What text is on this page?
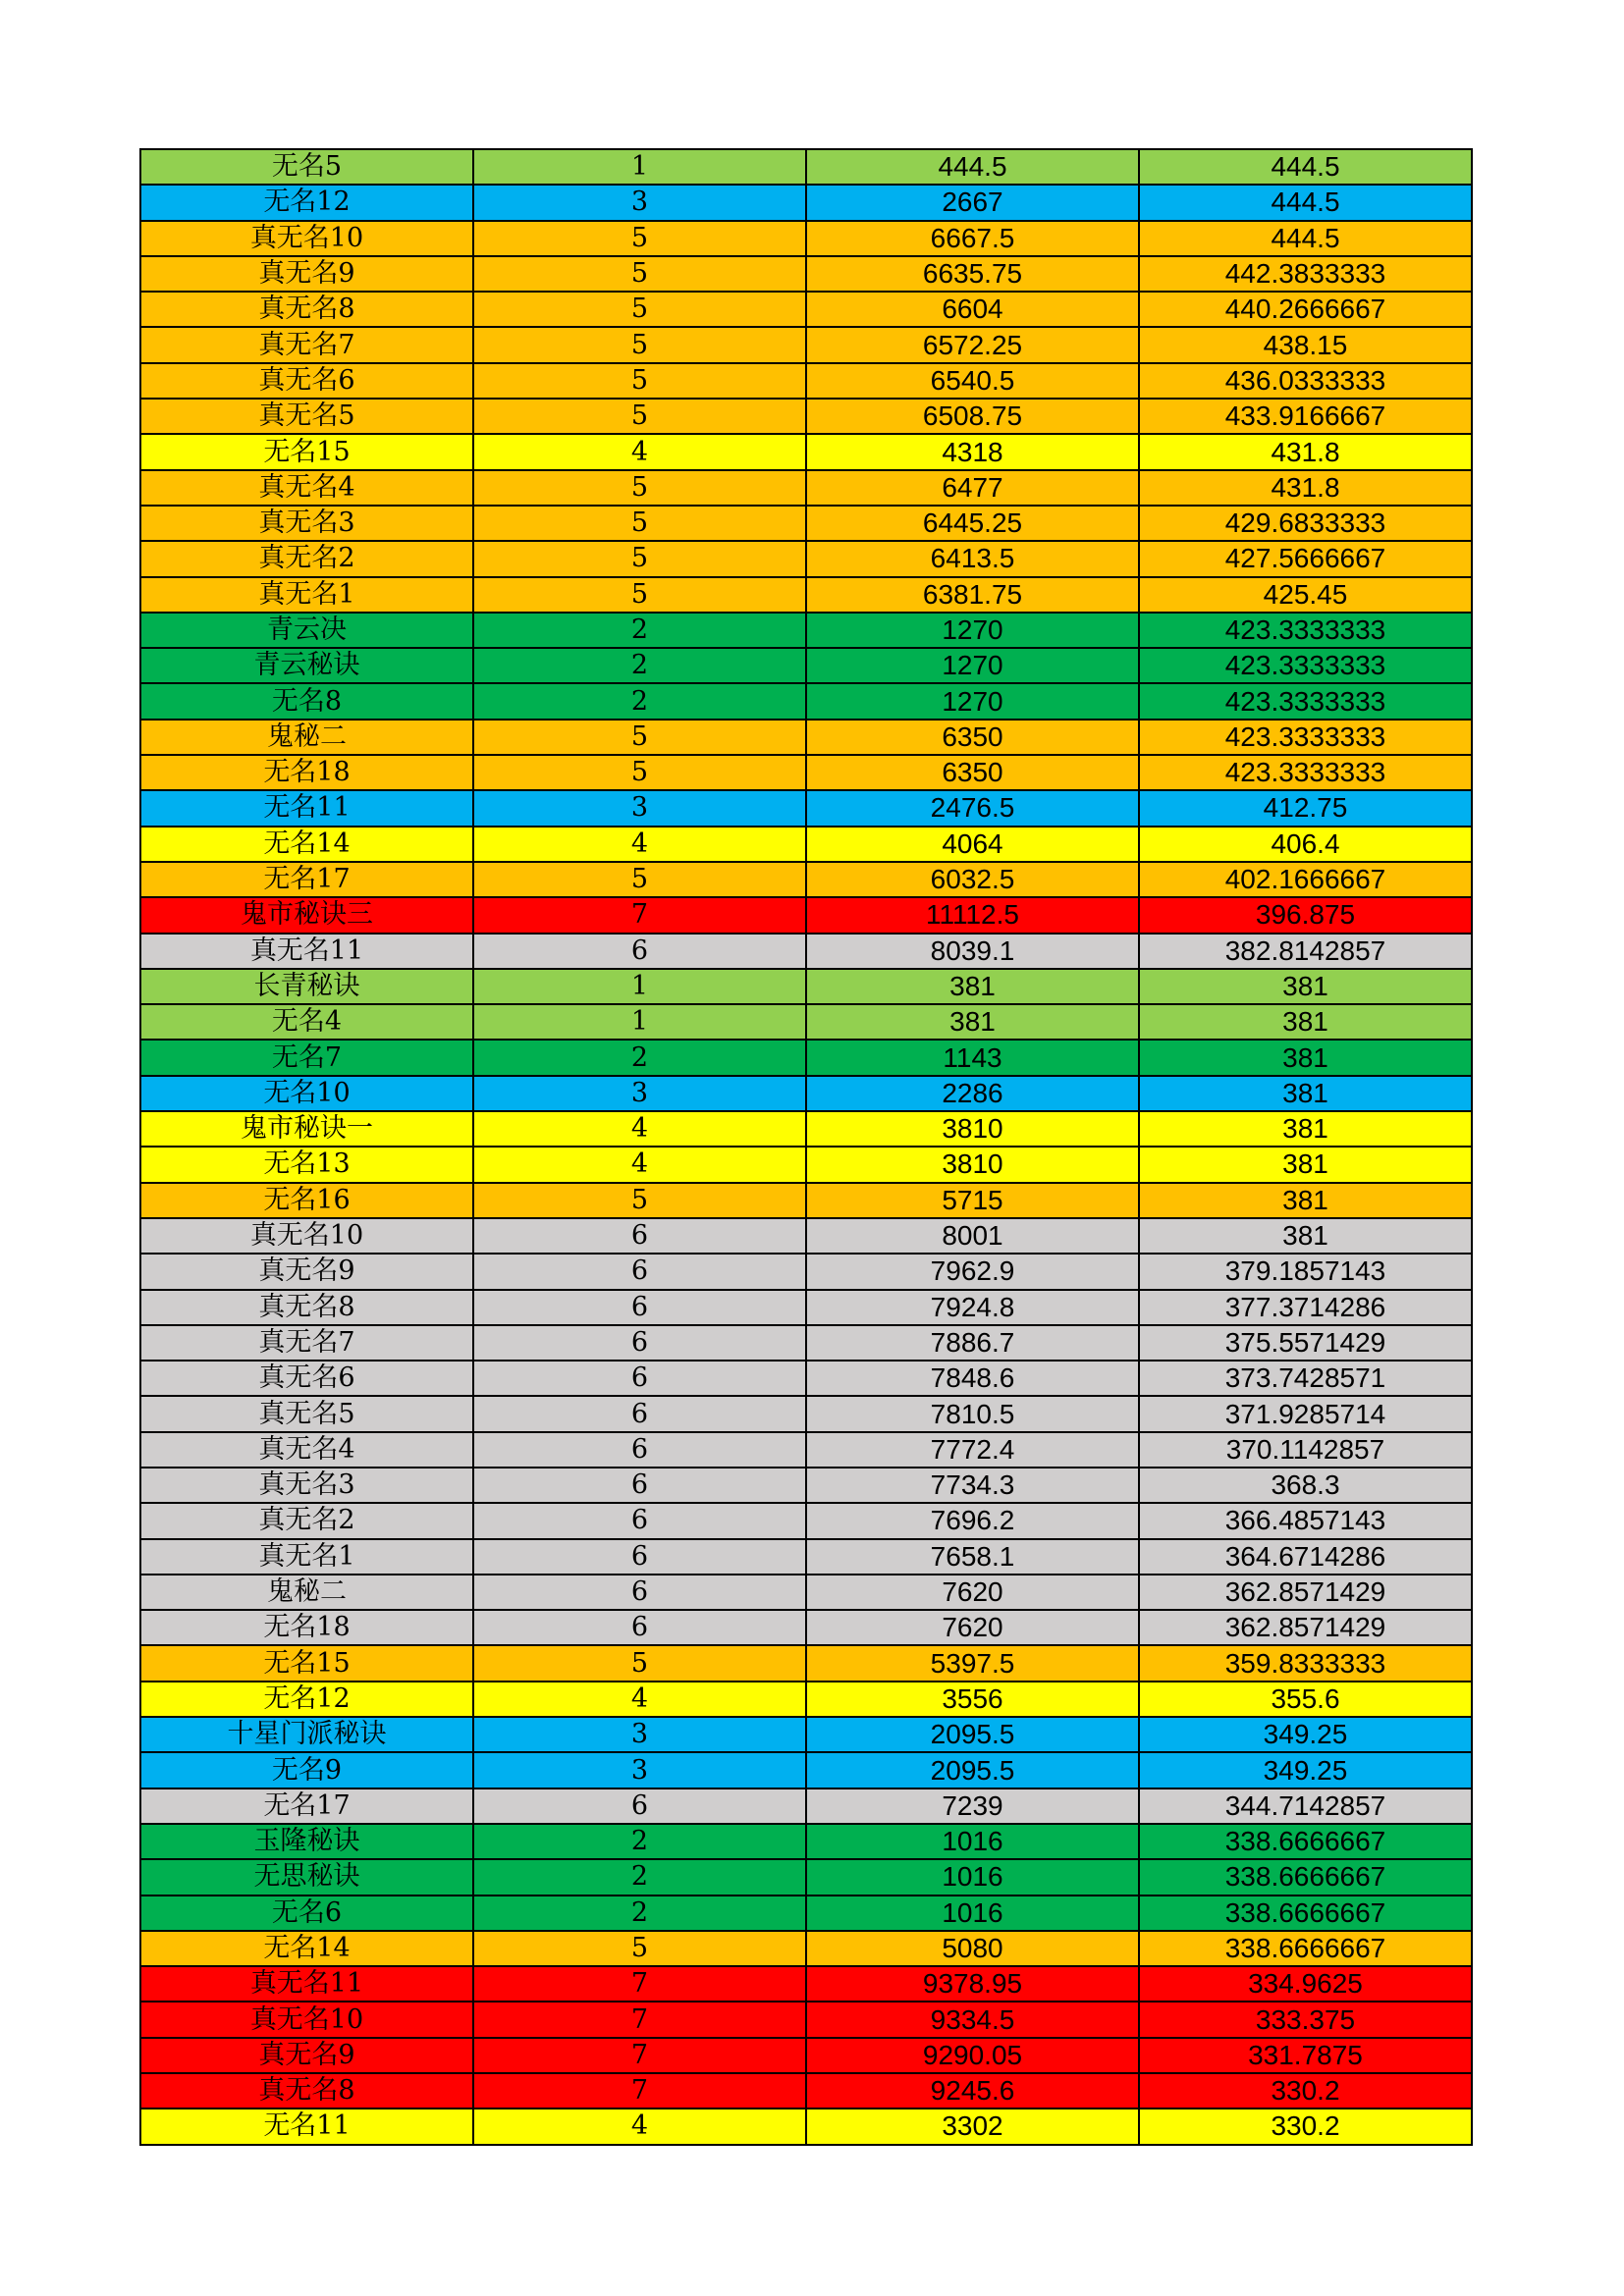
无名5	1	444.5	444.5
无名12	3	2667	444.5
真无名10	5	6667.5	444.5
真无名9	5	6635.75	442.3833333
真无名8	5	6604	440.2666667
真无名7	5	6572.25	438.15
真无名6	5	6540.5	436.0333333
真无名5	5	6508.75	433.9166667
无名15	4	4318	431.8
真无名4	5	6477	431.8
真无名3	5	6445.25	429.6833333
真无名2	5	6413.5	427.5666667
真无名1	5	6381.75	425.45
青云决	2	1270	423.3333333
青云秘诀	2	1270	423.3333333
无名8	2	1270	423.3333333
鬼秘二	5	6350	423.3333333
无名18	5	6350	423.3333333
无名11	3	2476.5	412.75
无名14	4	4064	406.4
无名17	5	6032.5	402.1666667
鬼市秘诀三	7	11112.5	396.875
真无名11	6	8039.1	382.8142857
长青秘诀	1	381	381
无名4	1	381	381
无名7	2	1143	381
无名10	3	2286	381
鬼市秘诀一	4	3810	381
无名13	4	3810	381
无名16	5	5715	381
真无名10	6	8001	381
真无名9	6	7962.9	379.1857143
真无名8	6	7924.8	377.3714286
真无名7	6	7886.7	375.5571429
真无名6	6	7848.6	373.7428571
真无名5	6	7810.5	371.9285714
真无名4	6	7772.4	370.1142857
真无名3	6	7734.3	368.3
真无名2	6	7696.2	366.4857143
真无名1	6	7658.1	364.6714286
鬼秘二	6	7620	362.8571429
无名18	6	7620	362.8571429
无名15	5	5397.5	359.8333333
无名12	4	3556	355.6
十星门派秘诀	3	2095.5	349.25
无名9	3	2095.5	349.25
无名17	6	7239	344.7142857
玉隆秘诀	2	1016	338.6666667
无思秘诀	2	1016	338.6666667
无名6	2	1016	338.6666667
无名14	5	5080	338.6666667
真无名11	7	9378.95	334.9625
真无名10	7	9334.5	333.375
真无名9	7	9290.05	331.7875
真无名8	7	9245.6	330.2
无名11	4	3302	330.2
